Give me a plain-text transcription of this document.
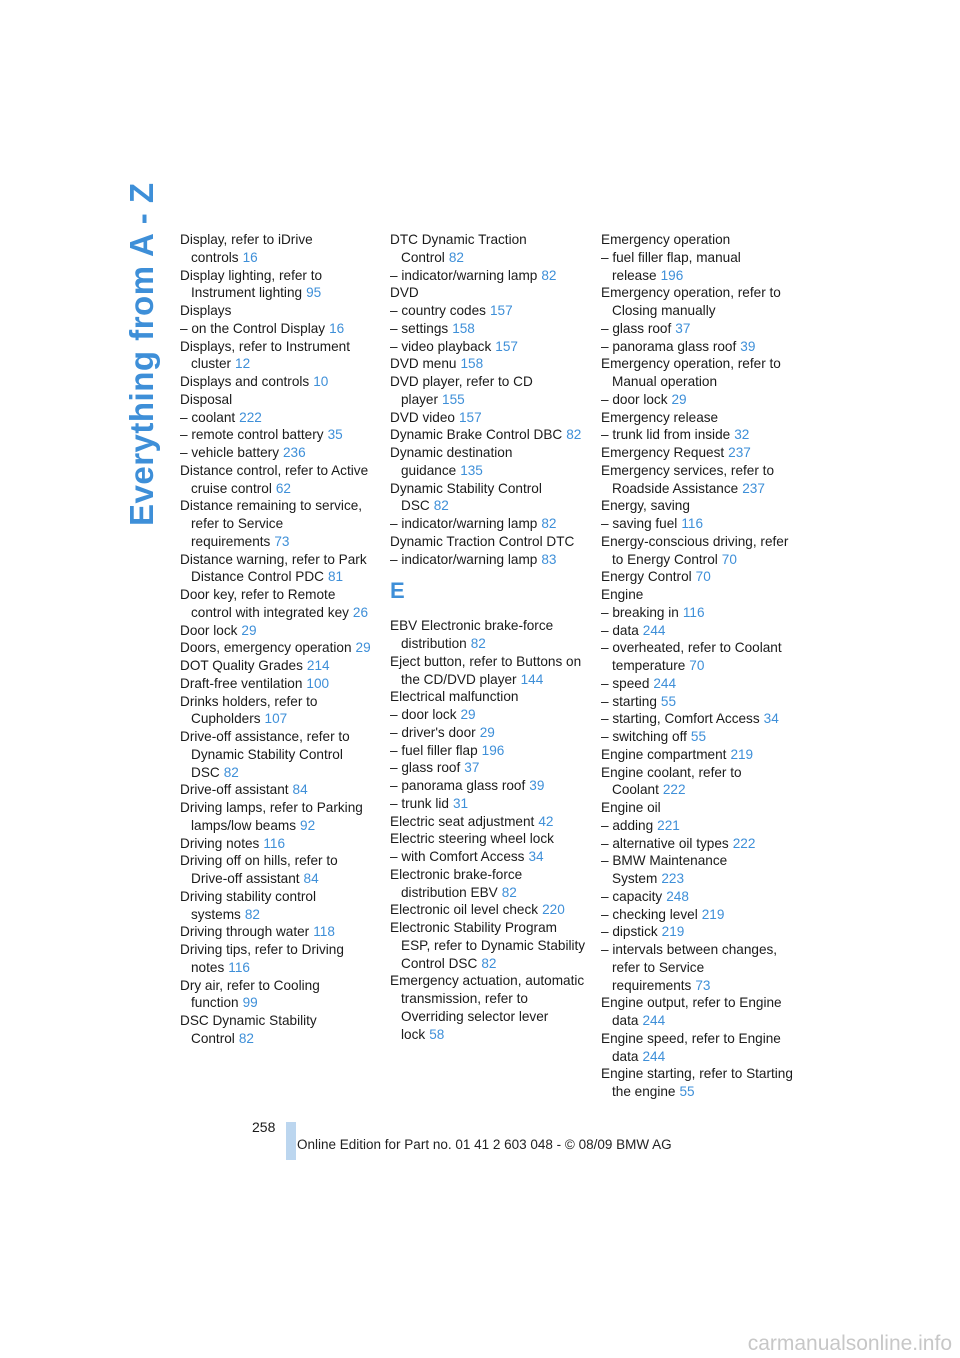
Everything from A - Z Display, refer to iDrive controls 16
Display lighting, refer to Instrument lighting 95
Displays
– on the Control Display 16
Displays, refer to Instrument cluster 12
Displays and controls 10
Disposal
– coolant 222
– remote control battery 35
– vehicle battery 236
Distance control, refer to Active cruise control 62
Distance remaining to service, refer to Service requirements 73
Distance warning, refer to Park Distance Control PDC 81
Door key, refer to Remote control with integrated key 26
Door lock 29
Doors, emergency operation 29
DOT Quality Grades 214
Draft-free ventilation 100
Drinks holders, refer to Cupholders 107
Drive-off assistance, refer to Dynamic Stability Control DSC 82
Drive-off assistant 84
Driving lamps, refer to Parking lamps/low beams 92
Driving notes 116
Driving off on hills, refer to Drive-off assistant 84
Driving stability control systems 82
Driving through water 118
Driving tips, refer to Driving notes 116
Dry air, refer to Cooling function 99
DSC Dynamic Stability Control 82
DTC Dynamic Traction Control 82
– indicator/warning lamp 82
DVD
– country codes 157
– settings 158
– video playback 157
DVD menu 158
DVD player, refer to CD player 155
DVD video 157
Dynamic Brake Control DBC 82
Dynamic destination guidance 135
Dynamic Stability Control DSC 82
– indicator/warning lamp 82
Dynamic Traction Control DTC
– indicator/warning lamp 83
E
EBV Electronic brake-force distribution 82
Eject button, refer to Buttons on the CD/DVD player 144
Electrical malfunction
– door lock 29
– driver's door 29
– fuel filler flap 196
– glass roof 37
– panorama glass roof 39
– trunk lid 31
Electric seat adjustment 42
Electric steering wheel lock
– with Comfort Access 34
Electronic brake-force distribution EBV 82
Electronic oil level check 220
Electronic Stability Program ESP, refer to Dynamic Stability Control DSC 82
Emergency actuation, automatic transmission, refer to Overriding selector lever lock 58
Emergency operation
– fuel filler flap, manual release 196
Emergency operation, refer to Closing manually
– glass roof 37
– panorama glass roof 39
Emergency operation, refer to Manual operation
– door lock 29
Emergency release
– trunk lid from inside 32
Emergency Request 237
Emergency services, refer to Roadside Assistance 237
Energy, saving
– saving fuel 116
Energy-conscious driving, refer to Energy Control 70
Energy Control 70
Engine
– breaking in 116
– data 244
– overheated, refer to Coolant temperature 70
– speed 244
– starting 55
– starting, Comfort Access 34
– switching off 55
Engine compartment 219
Engine coolant, refer to Coolant 222
Engine oil
– adding 221
– alternative oil types 222
– BMW Maintenance System 223
– capacity 248
– checking level 219
– dipstick 219
– intervals between changes, refer to Service requirements 73
Engine output, refer to Engine data 244
Engine speed, refer to Engine data 244
Engine starting, refer to Starting the engine 55
258
Online Edition for Part no. 01 41 2 603 048 - © 08/09 BMW AG
carmanualsonline.info
